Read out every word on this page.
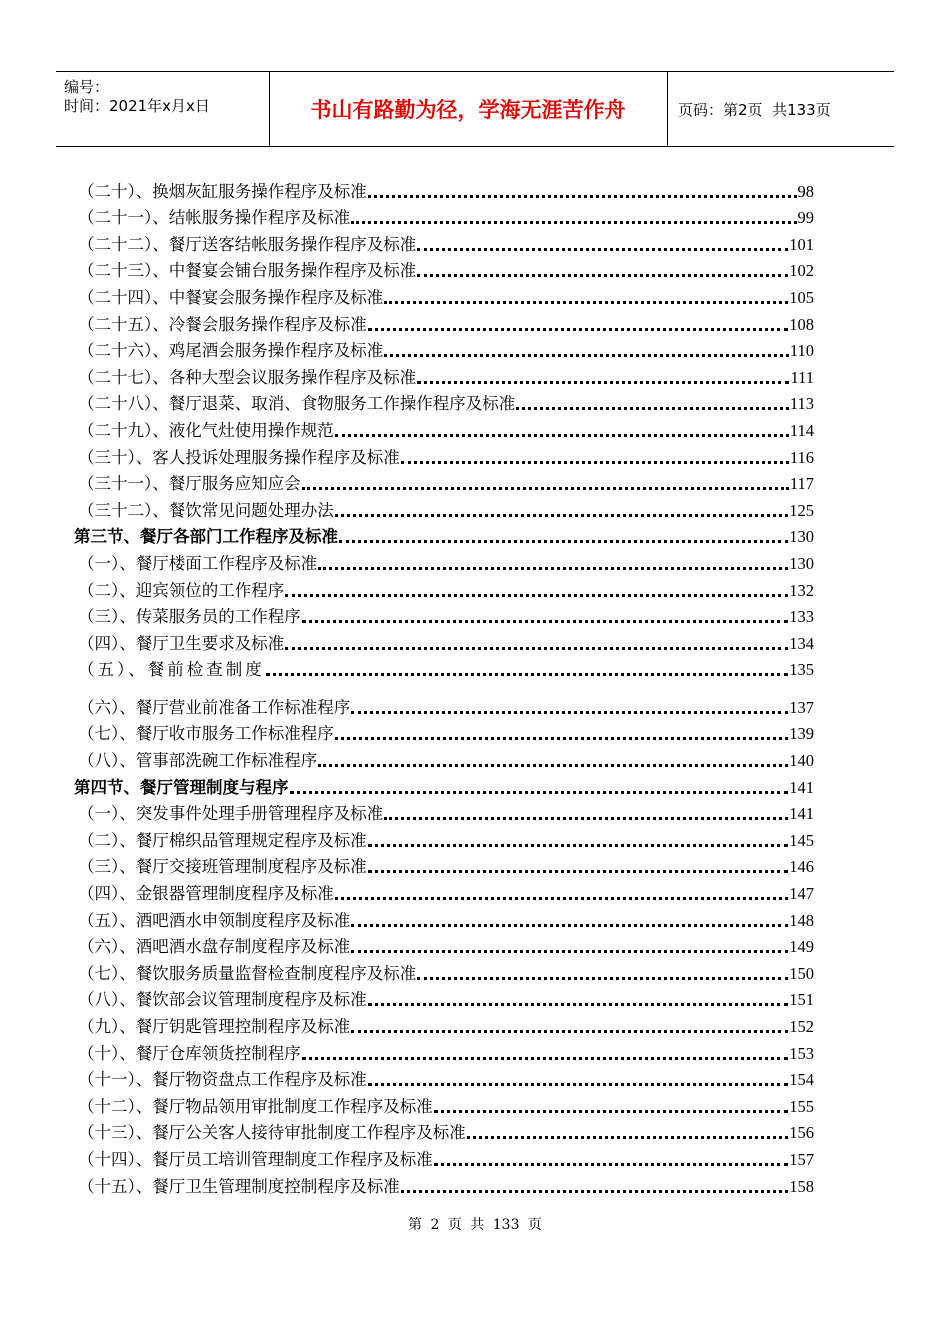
编号：
时间：2021年x月x日	书山有路勤为径，学海无涯苦作舟	页码：第2页  共133页
（二十）、换烟灰缸服务操作程序及标准	98
（二十一）、结帐服务操作程序及标准	99
（二十二）、餐厅送客结帐服务操作程序及标准	101
（二十三）、中餐宴会铺台服务操作程序及标准	102
（二十四）、中餐宴会服务操作程序及标准	105
（二十五）、冷餐会服务操作程序及标准	108
（二十六）、鸡尾酒会服务操作程序及标准	110
（二十七）、各种大型会议服务操作程序及标准	111
（二十八）、餐厅退菜、取消、食物服务工作操作程序及标准	113
（二十九）、液化气灶使用操作规范	114
（三十）、客人投诉处理服务操作程序及标准	116
（三十一）、餐厅服务应知应会	117
（三十二）、餐饮常见问题处理办法	125
第三节、餐厅各部门工作程序及标准	130
（一）、餐厅楼面工作程序及标准	130
（二）、迎宾领位的工作程序	132
（三）、传菜服务员的工作程序	133
（四）、餐厅卫生要求及标准	134
（五）、餐前检查制度	135
（六）、餐厅营业前准备工作标准程序	137
（七）、餐厅收市服务工作标准程序	139
（八）、管事部洗碗工作标准程序	140
第四节、餐厅管理制度与程序	141
（一）、突发事件处理手册管理程序及标准	141
（二）、餐厅棉织品管理规定程序及标准	145
（三）、餐厅交接班管理制度程序及标准	146
（四）、金银器管理制度程序及标准	147
（五）、酒吧酒水申领制度程序及标准	148
（六）、酒吧酒水盘存制度程序及标准	149
（七）、餐饮服务质量监督检查制度程序及标准	150
（八）、餐饮部会议管理制度程序及标准	151
（九）、餐厅钥匙管理控制程序及标准	152
（十）、餐厅仓库领货控制程序	153
（十一）、餐厅物资盘点工作程序及标准	154
（十二）、餐厅物品领用审批制度工作程序及标准	155
（十三）、餐厅公关客人接待审批制度工作程序及标准	156
（十四）、餐厅员工培训管理制度工作程序及标准	157
（十五）、餐厅卫生管理制度控制程序及标准	158
第 2 页 共 133 页
